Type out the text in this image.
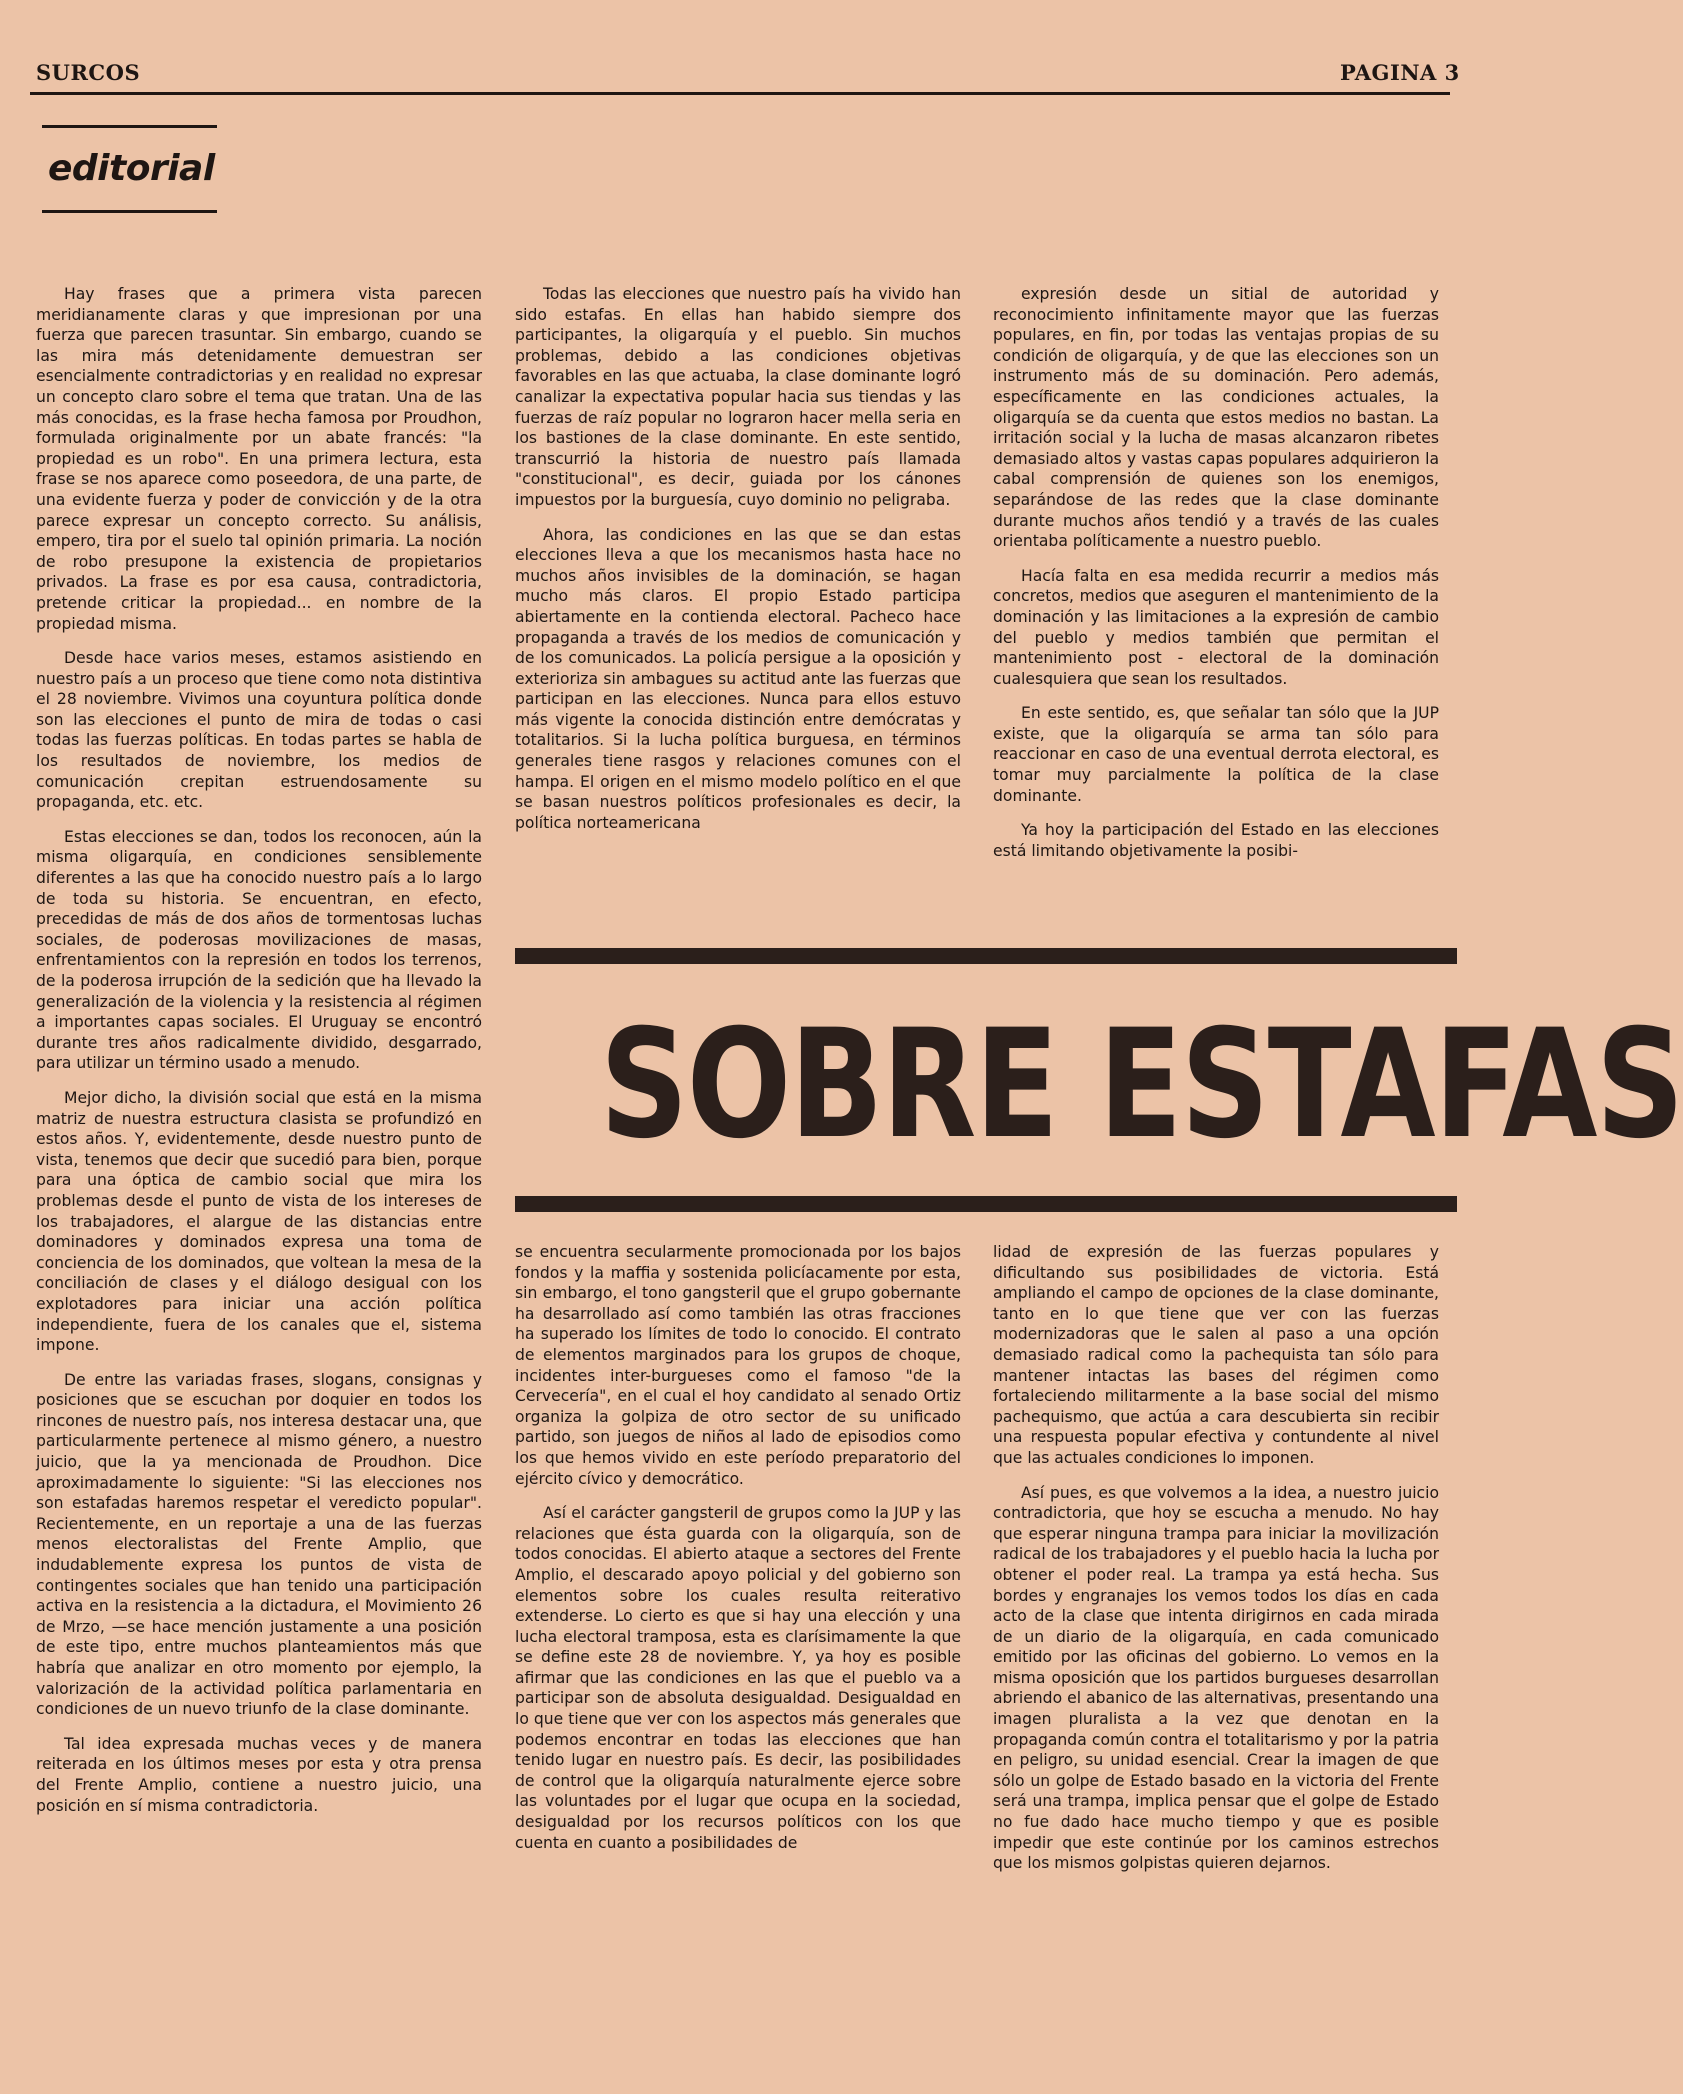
SURCOS	PAGINA 3
editorial

Hay frases que a primera vista parecen meridianamente claras y que impresionan por una fuerza que parecen trasuntar. Sin embargo, cuando se las mira más detenidamente demuestran ser esencialmente contradictorias y en realidad no expresar un concepto claro sobre el tema que tratan. Una de las más conocidas, es la frase hecha famosa por Proudhon, formulada originalmente por un abate francés: "la propiedad es un robo". En una primera lectura, esta frase se nos aparece como poseedora, de una parte, de una evidente fuerza y poder de convicción y de la otra parece expresar un concepto correcto. Su análisis, empero, tira por el suelo tal opinión primaria. La noción de robo presupone la existencia de propietarios privados. La frase es por esa causa, contradictoria, pretende criticar la propiedad... en nombre de la propiedad misma.

Desde hace varios meses, estamos asistiendo en nuestro país a un proceso que tiene como nota distintiva el 28 noviembre. Vivimos una coyuntura política donde son las elecciones el punto de mira de todas o casi todas las fuerzas políticas. En todas partes se habla de los resultados de noviembre, los medios de comunicación crepitan estruendosamente su propaganda, etc. etc.

Estas elecciones se dan, todos los reconocen, aún la misma oligarquía, en condiciones sensiblemente diferentes a las que ha conocido nuestro país a lo largo de toda su historia. Se encuentran, en efecto, precedidas de más de dos años de tormentosas luchas sociales, de poderosas movilizaciones de masas, enfrentamientos con la represión en todos los terrenos, de la poderosa irrupción de la sedición que ha llevado la generalización de la violencia y la resistencia al régimen a importantes capas sociales. El Uruguay se encontró durante tres años radicalmente dividido, desgarrado, para utilizar un término usado a menudo.

Mejor dicho, la división social que está en la misma matriz de nuestra estructura clasista se profundizó en estos años. Y, evidentemente, desde nuestro punto de vista, tenemos que decir que sucedió para bien, porque para una óptica de cambio social que mira los problemas desde el punto de vista de los intereses de los trabajadores, el alargue de las distancias entre dominadores y dominados expresa una toma de conciencia de los dominados, que voltean la mesa de la conciliación de clases y el diálogo desigual con los explotadores para iniciar una acción política independiente, fuera de los canales que el, sistema impone.

De entre las variadas frases, slogans, consignas y posiciones que se escuchan por doquier en todos los rincones de nuestro país, nos interesa destacar una, que particularmente pertenece al mismo género, a nuestro juicio, que la ya mencionada de Proudhon. Dice aproximadamente lo siguiente: "Si las elecciones nos son estafadas haremos respetar el veredicto popular". Recientemente, en un reportaje a una de las fuerzas menos electoralistas del Frente Amplio, que indudablemente expresa los puntos de vista de contingentes sociales que han tenido una participación activa en la resistencia a la dictadura, el Movimiento 26 de Mrzo, —se hace mención justamente a una posición de este tipo, entre muchos planteamientos más que habría que analizar en otro momento por ejemplo, la valorización de la actividad política parlamentaria en condiciones de un nuevo triunfo de la clase dominante.

Tal idea expresada muchas veces y de manera reiterada en los últimos meses por esta y otra prensa del Frente Amplio, contiene a nuestro juicio, una posición en sí misma contradictoria.

Todas las elecciones que nuestro país ha vivido han sido estafas. En ellas han habido siempre dos participantes, la oligarquía y el pueblo. Sin muchos problemas, debido a las condiciones objetivas favorables en las que actuaba, la clase dominante logró canalizar la expectativa popular hacia sus tiendas y las fuerzas de raíz popular no lograron hacer mella seria en los bastiones de la clase dominante. En este sentido, transcurrió la historia de nuestro país llamada "constitucional", es decir, guiada por los cánones impuestos por la burguesía, cuyo dominio no peligraba.

Ahora, las condiciones en las que se dan estas elecciones lleva a que los mecanismos hasta hace no muchos años invisibles de la dominación, se hagan mucho más claros. El propio Estado participa abiertamente en la contienda electoral. Pacheco hace propaganda a través de los medios de comunicación y de los comunicados. La policía persigue a la oposición y exterioriza sin ambagues su actitud ante las fuerzas que participan en las elecciones. Nunca para ellos estuvo más vigente la conocida distinción entre demócratas y totalitarios. Si la lucha política burguesa, en términos generales tiene rasgos y relaciones comunes con el hampa. El origen en el mismo modelo político en el que se basan nuestros políticos profesionales es decir, la política norteamericana

expresión desde un sitial de autoridad y reconocimiento infinitamente mayor que las fuerzas populares, en fin, por todas las ventajas propias de su condición de oligarquía, y de que las elecciones son un instrumento más de su dominación. Pero además, específicamente en las condiciones actuales, la oligarquía se da cuenta que estos medios no bastan. La irritación social y la lucha de masas alcanzaron ribetes demasiado altos y vastas capas populares adquirieron la cabal comprensión de quienes son los enemigos, separándose de las redes que la clase dominante durante muchos años tendió y a través de las cuales orientaba políticamente a nuestro pueblo.

Hacía falta en esa medida recurrir a medios más concretos, medios que aseguren el mantenimiento de la dominación y las limitaciones a la expresión de cambio del pueblo y medios también que permitan el mantenimiento post - electoral de la dominación cualesquiera que sean los resultados.

En este sentido, es, que señalar tan sólo que la JUP existe, que la oligarquía se arma tan sólo para reaccionar en caso de una eventual derrota electoral, es tomar muy parcialmente la política de la clase dominante.

Ya hoy la participación del Estado en las elecciones está limitando objetivamente la posibi-

SOBRE ESTAFAS

se encuentra secularmente promocionada por los bajos fondos y la maffia y sostenida policíacamente por esta, sin embargo, el tono gangsteril que el grupo gobernante ha desarrollado así como también las otras fracciones ha superado los límites de todo lo conocido. El contrato de elementos marginados para los grupos de choque, incidentes inter-burgueses como el famoso "de la Cervecería", en el cual el hoy candidato al senado Ortiz organiza la golpiza de otro sector de su unificado partido, son juegos de niños al lado de episodios como los que hemos vivido en este período preparatorio del ejército cívico y democrático.

Así el carácter gangsteril de grupos como la JUP y las relaciones que ésta guarda con la oligarquía, son de todos conocidas. El abierto ataque a sectores del Frente Amplio, el descarado apoyo policial y del gobierno son elementos sobre los cuales resulta reiterativo extenderse. Lo cierto es que si hay una elección y una lucha electoral tramposa, esta es clarísimamente la que se define este 28 de noviembre. Y, ya hoy es posible afirmar que las condiciones en las que el pueblo va a participar son de absoluta desigualdad. Desigualdad en lo que tiene que ver con los aspectos más generales que podemos encontrar en todas las elecciones que han tenido lugar en nuestro país. Es decir, las posibilidades de control que la oligarquía naturalmente ejerce sobre las voluntades por el lugar que ocupa en la sociedad, desigualdad por los recursos políticos con los que cuenta en cuanto a posibilidades de

lidad de expresión de las fuerzas populares y dificultando sus posibilidades de victoria. Está ampliando el campo de opciones de la clase dominante, tanto en lo que tiene que ver con las fuerzas modernizadoras que le salen al paso a una opción demasiado radical como la pachequista tan sólo para mantener intactas las bases del régimen como fortaleciendo militarmente a la base social del mismo pachequismo, que actúa a cara descubierta sin recibir una respuesta popular efectiva y contundente al nivel que las actuales condiciones lo imponen.

Así pues, es que volvemos a la idea, a nuestro juicio contradictoria, que hoy se escucha a menudo. No hay que esperar ninguna trampa para iniciar la movilización radical de los trabajadores y el pueblo hacia la lucha por obtener el poder real. La trampa ya está hecha. Sus bordes y engranajes los vemos todos los días en cada acto de la clase que intenta dirigirnos en cada mirada de un diario de la oligarquía, en cada comunicado emitido por las oficinas del gobierno. Lo vemos en la misma oposición que los partidos burgueses desarrollan abriendo el abanico de las alternativas, presentando una imagen pluralista a la vez que denotan en la propaganda común contra el totalitarismo y por la patria en peligro, su unidad esencial. Crear la imagen de que sólo un golpe de Estado basado en la victoria del Frente será una trampa, implica pensar que el golpe de Estado no fue dado hace mucho tiempo y que es posible impedir que este continúe por los caminos estrechos que los mismos golpistas quieren dejarnos.
